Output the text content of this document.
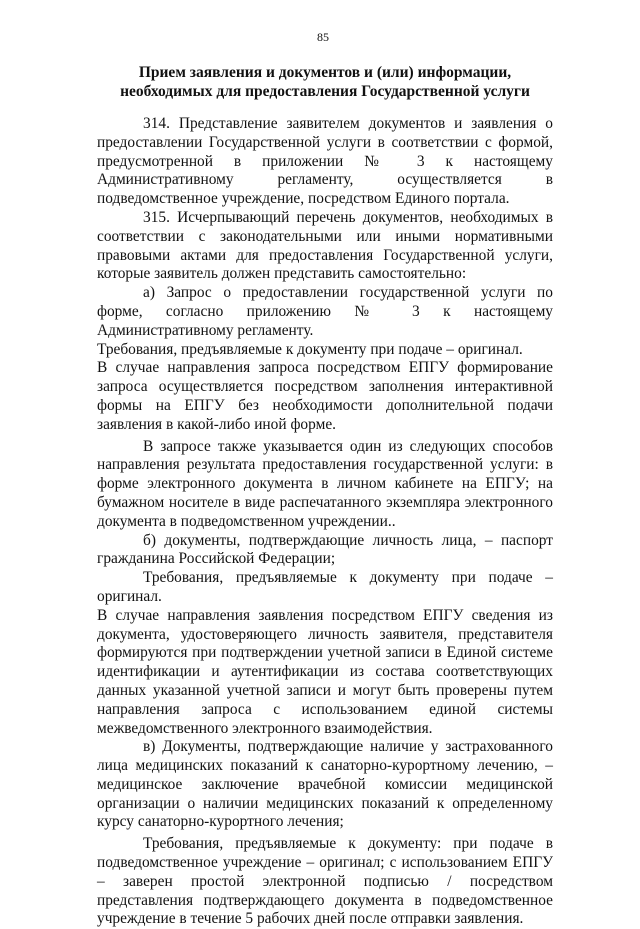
85
Прием заявления и документов и (или) информации,
необходимых для предоставления Государственной услуги

314. Представление заявителем документов и заявления о предоставлении Государственной услуги в соответствии с формой, предусмотренной в приложении № 3 к настоящему Административному регламенту, осуществляется в подведомственное учреждение, посредством Единого портала.

315. Исчерпывающий перечень документов, необходимых в соответствии с законодательными или иными нормативными правовыми актами для предоставления Государственной услуги, которые заявитель должен представить самостоятельно:

а) Запрос о предоставлении государственной услуги по форме, согласно приложению № 3 к настоящему Административному регламенту.

Требования, предъявляемые к документу при подаче – оригинал.

В случае направления запроса посредством ЕПГУ формирование запроса осуществляется посредством заполнения интерактивной формы на ЕПГУ без необходимости дополнительной подачи заявления в какой-либо иной форме.

В запросе также указывается один из следующих способов направления результата предоставления государственной услуги: в форме электронного документа в личном кабинете на ЕПГУ; на бумажном носителе в виде распечатанного экземпляра электронного документа в подведомственном учреждении..

б) документы, подтверждающие личность лица, – паспорт гражданина Российской Федерации;

Требования, предъявляемые к документу при подаче – оригинал.

В случае направления заявления посредством ЕПГУ сведения из документа, удостоверяющего личность заявителя, представителя формируются при подтверждении учетной записи в Единой системе идентификации и аутентификации из состава соответствующих данных указанной учетной записи и могут быть проверены путем направления запроса с использованием единой системы межведомственного электронного взаимодействия.

в) Документы, подтверждающие наличие у застрахованного лица медицинских показаний к санаторно-курортному лечению, – медицинское заключение врачебной комиссии медицинской организации о наличии медицинских показаний к определенному курсу санаторно-курортного лечения;

Требования, предъявляемые к документу: при подаче в подведомственное учреждение – оригинал; с использованием ЕПГУ – заверен простой электронной подписью / посредством представления подтверждающего документа в подведомственное учреждение в течение 5 рабочих дней после отправки заявления.
